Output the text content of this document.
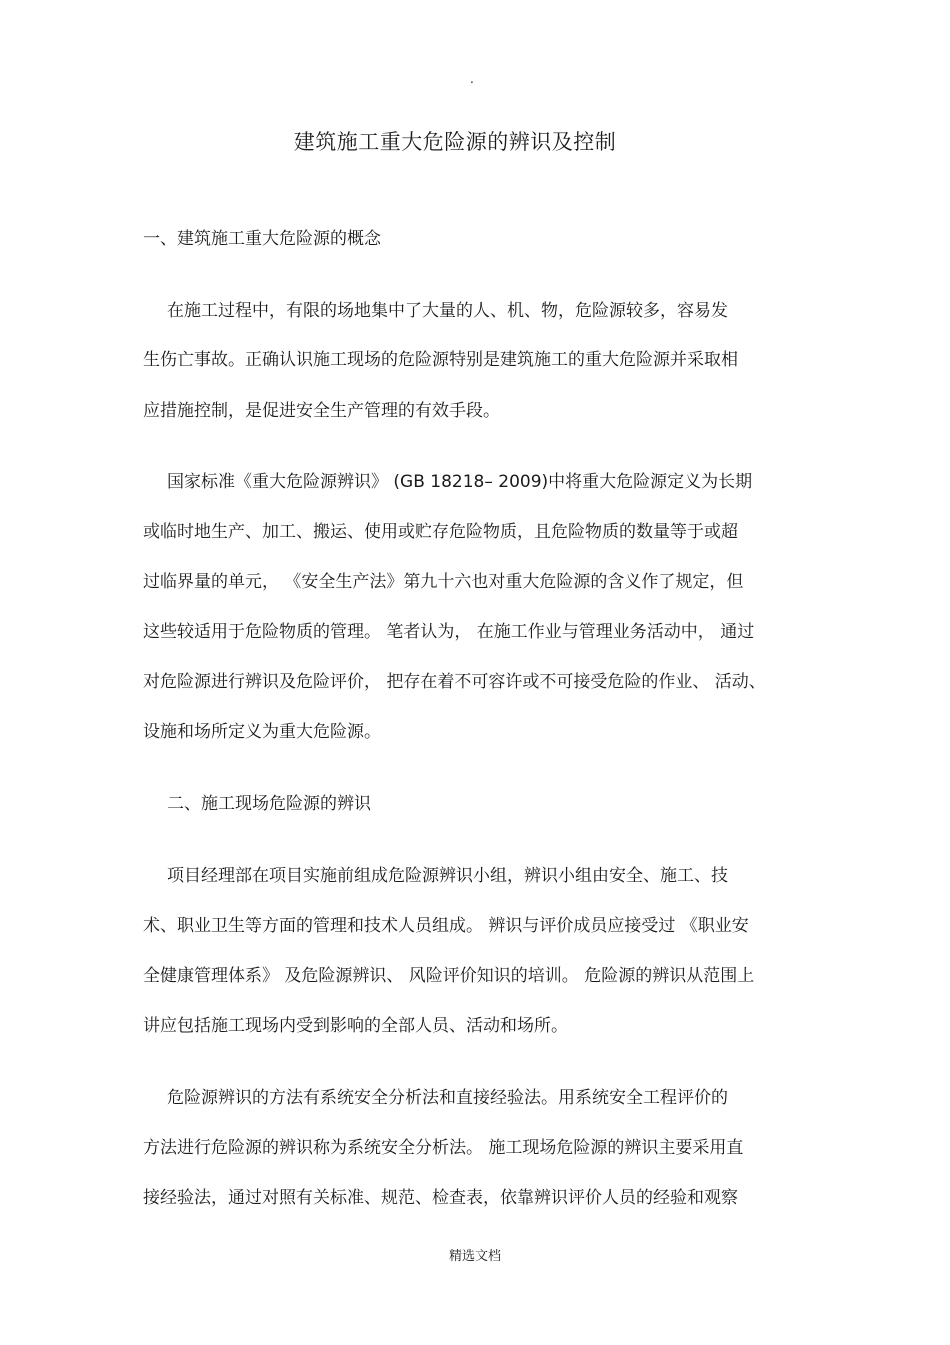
.
建筑施工重大危险源的辨识及控制
一、建筑施工重大危险源的概念
在施工过程中，有限的场地集中了大量的人、机、物，危险源较多，容易发
生伤亡事故。正确认识施工现场的危险源特别是建筑施工的重大危险源并采取相
应措施控制，是促进安全生产管理的有效手段。
国家标准《重大危险源辨识》 (GB 18218– 2009)中将重大危险源定义为长期
或临时地生产、加工、搬运、使用或贮存危险物质，且危险物质的数量等于或超
过临界量的单元， 《安全生产法》第九十六也对重大危险源的含义作了规定，但
这些较适用于危险物质的管理。 笔者认为， 在施工作业与管理业务活动中， 通过
对危险源进行辨识及危险评价， 把存在着不可容许或不可接受危险的作业、 活动、
设施和场所定义为重大危险源。
二、施工现场危险源的辨识
项目经理部在项目实施前组成危险源辨识小组，辨识小组由安全、施工、技
术、职业卫生等方面的管理和技术人员组成。 辨识与评价成员应接受过 《职业安
全健康管理体系》 及危险源辨识、 风险评价知识的培训。 危险源的辨识从范围上
讲应包括施工现场内受到影响的全部人员、活动和场所。
危险源辨识的方法有系统安全分析法和直接经验法。用系统安全工程评价的
方法进行危险源的辨识称为系统安全分析法。 施工现场危险源的辨识主要采用直
接经验法，通过对照有关标准、规范、检查表，依靠辨识评价人员的经验和观察
精选文档
